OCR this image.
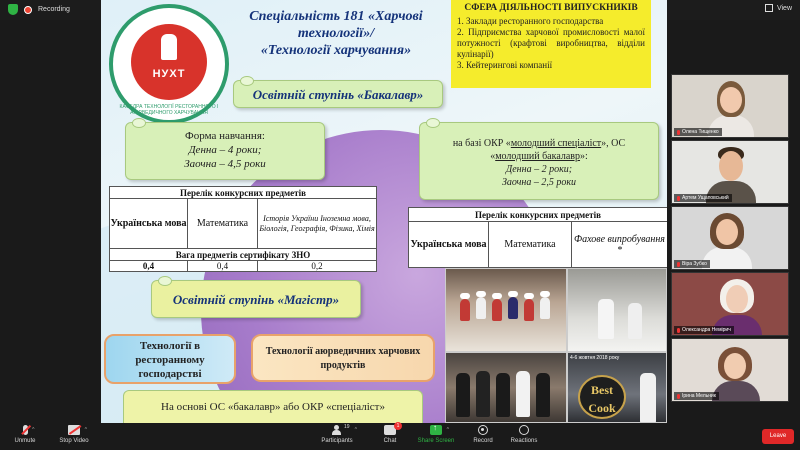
Recording	View
НУХТ
КАФЕДРА ТЕХНОЛОГІЇ РЕСТОРАННОГО І АЮРВЕДИЧНОГО ХАРЧУВАННЯ
Спеціальність 181 «Харчові
технології»/
«Технології харчування»
СФЕРА ДІЯЛЬНОСТІ ВИПУСКНИКІВ

1. Заклади ресторанного господарства

2. Підприємства харчової промисловості малої потужності (крафтові виробництва, відділи кулінарії)

3. Кейтерингові компанії

Освітній ступінь «Бакалавр»
Форма навчання:
Денна – 4 роки;
Заочна – 4,5 роки
на базі ОКР «молодший спеціаліст», ОС
«молодший бакалавр»:
Денна – 2 роки;
Заочна – 2,5 роки
Перелік конкурсних предметів		
Українська мова	Математика	Історія України Іноземна мова, Біологія, Географія, Фізика, Хімія
Вага предметів сертифікату ЗНО		
0,4	0,4	0,2
Перелік конкурсних предметів
Українська мова	Математика	Фахове випробування *
Освітній ступінь «Магістр»
Технології в ресторанному господарстві
Технології аюрведичних харчових продуктів
На основі ОС «бакалавр» або ОКР «спеціаліст»
4-6 жовтня 2018 року
Best Cook
Олена Тищенко
Артем Ущаповський
Віра Зубко
Олександра Немірич
Ірина Мельник
^
Unmute
^
Stop Video
19 ^
Participants
1
Chat
^
↑
Share Screen	Record	Reactions
Leave
